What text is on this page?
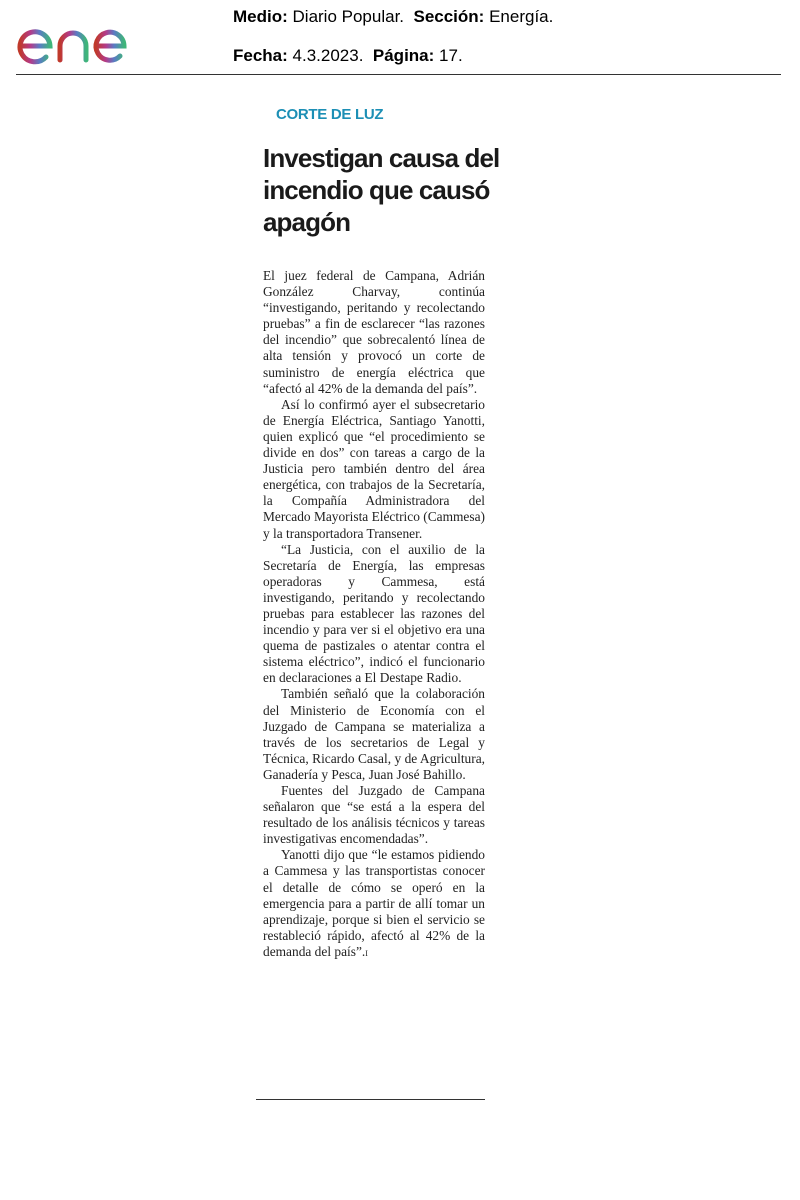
Medio: Diario Popular. Sección: Energía.
Fecha: 4.3.2023. Página: 17.
CORTE DE LUZ
Investigan causa del incendio que causó apagón

El juez federal de Campana, Adrián González Charvay, continúa “investigando, peritando y recolectando pruebas” a fin de esclarecer “las razones del incendio” que sobrecalentó línea de alta tensión y provocó un corte de suministro de energía eléctrica que “afectó al 42% de la demanda del país”.

Así lo confirmó ayer el subsecretario de Energía Eléctrica, Santiago Yanotti, quien explicó que “el procedimiento se divide en dos” con tareas a cargo de la Justicia pero también dentro del área energética, con trabajos de la Secretaría, la Compañía Administradora del Mercado Mayorista Eléctrico (Cammesa) y la transportadora Transener.

“La Justicia, con el auxilio de la Secretaría de Energía, las empresas operadoras y Cammesa, está investigando, peritando y recolectando pruebas para establecer las razones del incendio y para ver si el objetivo era una quema de pastizales o atentar contra el sistema eléctrico”, indicó el funcionario en declaraciones a El Destape Radio.

También señaló que la colaboración del Ministerio de Economía con el Juzgado de Campana se materializa a través de los secretarios de Legal y Técnica, Ricardo Casal, y de Agricultura, Ganadería y Pesca, Juan José Bahillo.

Fuentes del Juzgado de Campana señalaron que “se está a la espera del resultado de los análisis técnicos y tareas investigativas encomendadas”.

Yanotti dijo que “le estamos pidiendo a Cammesa y las transportistas conocer el detalle de cómo se operó en la emergencia para a partir de allí tomar un aprendizaje, porque si bien el servicio se restableció rápido, afectó al 42% de la demanda del país”.I
